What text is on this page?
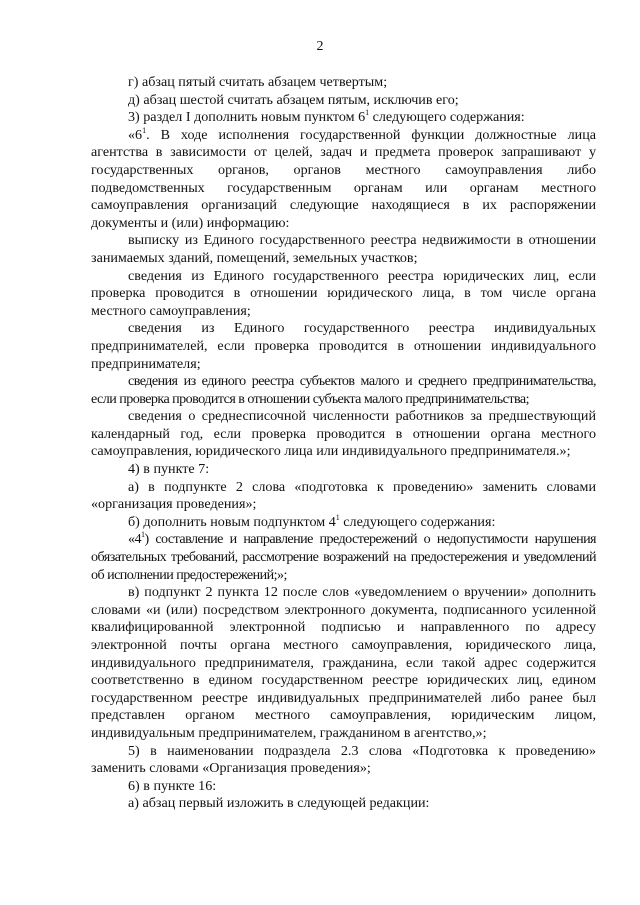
2

г) абзац пятый считать абзацем четвертым;

д) абзац шестой считать абзацем пятым, исключив его;

3) раздел I дополнить новым пунктом $6^1$ следующего содержания:

«$6^1$. В ходе исполнения государственной функции должностные лица агентства в зависимости от целей, задач и предмета проверок запрашивают у государственных органов, органов местного самоуправления либо подведомственных государственным органам или органам местного самоуправления организаций следующие находящиеся в их распоряжении документы и (или) информацию:

выписку из Единого государственного реестра недвижимости в отношении занимаемых зданий, помещений, земельных участков;

сведения из Единого государственного реестра юридических лиц, если проверка проводится в отношении юридического лица, в том числе органа местного самоуправления;

сведения из Единого государственного реестра индивидуальных предпринимателей, если проверка проводится в отношении индивидуального предпринимателя;

сведения из единого реестра субъектов малого и среднего предпринимательства, если проверка проводится в отношении субъекта малого предпринимательства;

сведения о среднесписочной численности работников за предшествующий календарный год, если проверка проводится в отношении органа местного самоуправления, юридического лица или индивидуального предпринимателя.»;

4) в пункте 7:

а) в подпункте 2 слова «подготовка к проведению» заменить словами «организация проведения»;

б) дополнить новым подпунктом $4^1$ следующего содержания:

«$4^1$) составление и направление предостережений о недопустимости нарушения обязательных требований, рассмотрение возражений на предостережения и уведомлений об исполнении предостережений;»;

в) подпункт 2 пункта 12 после слов «уведомлением о вручении» дополнить словами «и (или) посредством электронного документа, подписанного усиленной квалифицированной электронной подписью и направленного по адресу электронной почты органа местного самоуправления, юридического лица, индивидуального предпринимателя, гражданина, если такой адрес содержится соответственно в едином государственном реестре юридических лиц, едином государственном реестре индивидуальных предпринимателей либо ранее был представлен органом местного самоуправления, юридическим лицом, индивидуальным предпринимателем, гражданином в агентство,»;

5) в наименовании подраздела 2.3 слова «Подготовка к проведению» заменить словами «Организация проведения»;

6) в пункте 16:

а) абзац первый изложить в следующей редакции:
